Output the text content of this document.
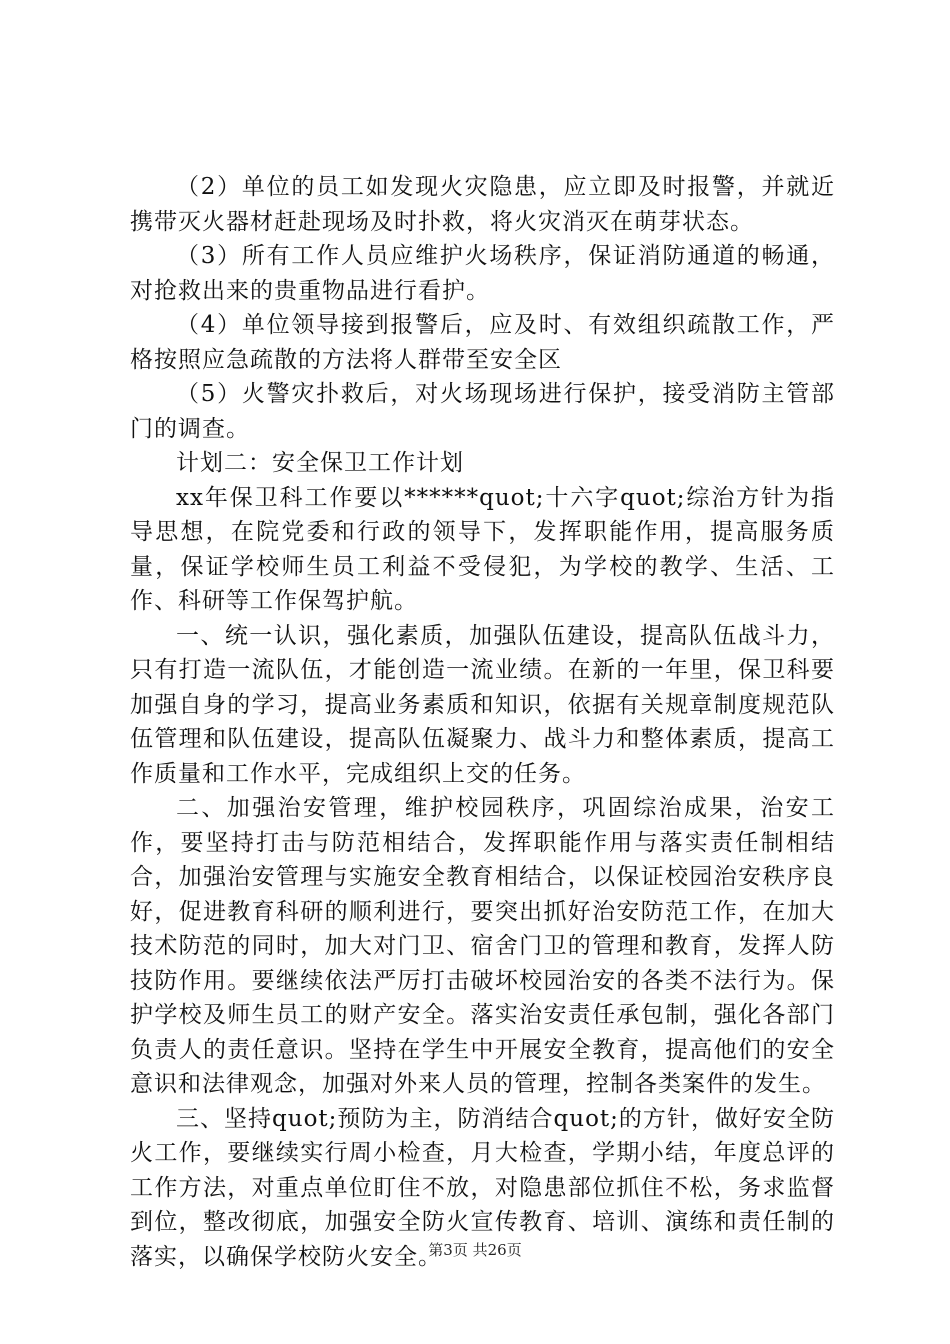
（2）单位的员工如发现火灾隐患，应立即及时报警，并就近携带灭火器材赶赴现场及时扑救，将火灾消灭在萌芽状态。

（3）所有工作人员应维护火场秩序，保证消防通道的畅通，对抢救出来的贵重物品进行看护。

（4）单位领导接到报警后，应及时、有效组织疏散工作，严格按照应急疏散的方法将人群带至安全区

（5）火警灾扑救后，对火场现场进行保护，接受消防主管部门的调查。

计划二：安全保卫工作计划

xx年保卫科工作要以******quot;十六字quot;综治方针为指导思想，在院党委和行政的领导下，发挥职能作用，提高服务质量，保证学校师生员工利益不受侵犯，为学校的教学、生活、工作、科研等工作保驾护航。

一、统一认识，强化素质，加强队伍建设，提高队伍战斗力，只有打造一流队伍，才能创造一流业绩。在新的一年里，保卫科要加强自身的学习，提高业务素质和知识，依据有关规章制度规范队伍管理和队伍建设，提高队伍凝聚力、战斗力和整体素质，提高工作质量和工作水平，完成组织上交的任务。

二、加强治安管理，维护校园秩序，巩固综治成果，治安工作，要坚持打击与防范相结合，发挥职能作用与落实责任制相结合，加强治安管理与实施安全教育相结合，以保证校园治安秩序良好，促进教育科研的顺利进行，要突出抓好治安防范工作，在加大技术防范的同时，加大对门卫、宿舍门卫的管理和教育，发挥人防技防作用。要继续依法严厉打击破坏校园治安的各类不法行为。保护学校及师生员工的财产安全。落实治安责任承包制，强化各部门负责人的责任意识。坚持在学生中开展安全教育，提高他们的安全意识和法律观念，加强对外来人员的管理，控制各类案件的发生。

三、坚持quot;预防为主，防消结合quot;的方针，做好安全防火工作，要继续实行周小检查，月大检查，学期小结，年度总评的工作方法，对重点单位盯住不放，对隐患部位抓住不松，务求监督到位，整改彻底，加强安全防火宣传教育、培训、演练和责任制的落实，以确保学校防火安全。

第3页 共26页
